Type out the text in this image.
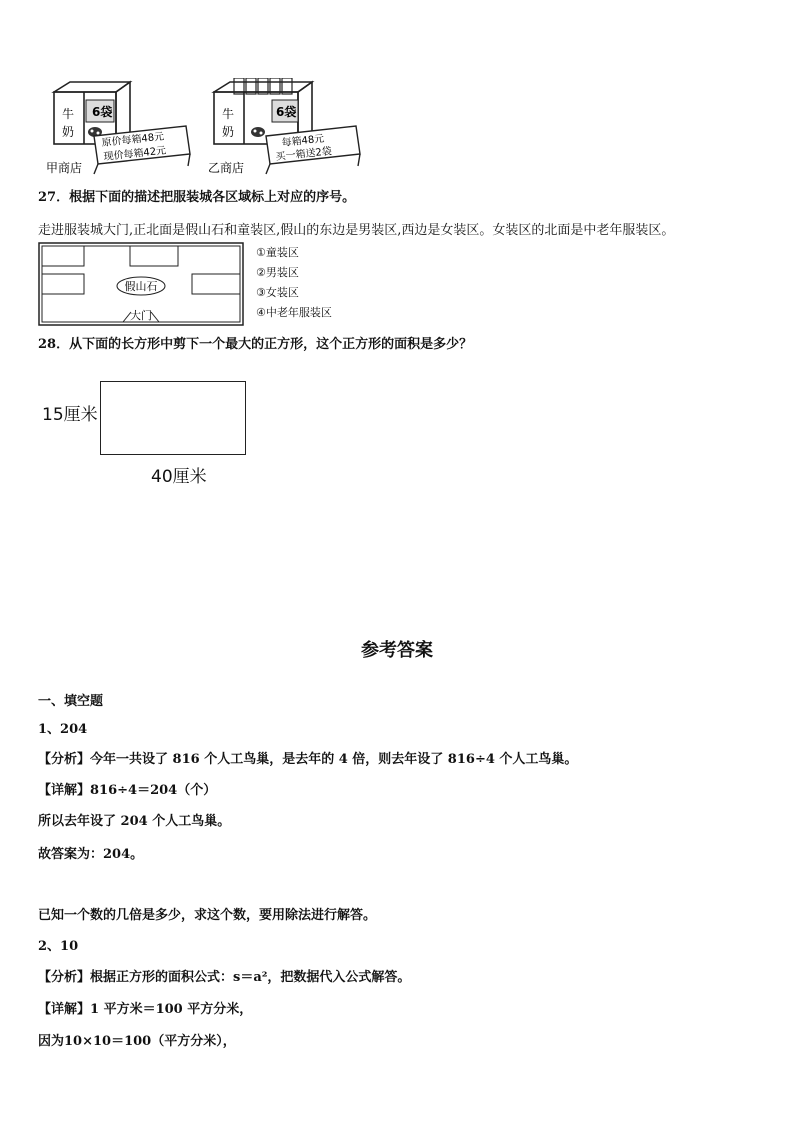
牛
奶
6袋
原价每箱48元
现价每箱42元
甲商店
牛
奶
6袋
每箱48元
买一箱送2袋
乙商店
27．根据下面的描述把服装城各区域标上对应的序号。
走进服装城大门,正北面是假山石和童装区,假山的东边是男装区,西边是女装区。女装区的北面是中老年服装区。
假山石
大门
①童装区
②男装区
③女装区
④中老年服装区
28．从下面的长方形中剪下一个最大的正方形，这个正方形的面积是多少？
15厘米
40厘米
参考答案
一、填空题
1、204
【分析】今年一共设了 816 个人工鸟巢，是去年的 4 倍，则去年设了 816÷4 个人工鸟巢。
【详解】816÷4＝204（个）
所以去年设了 204 个人工鸟巢。
故答案为：204。
已知一个数的几倍是多少，求这个数，要用除法进行解答。
2、10
【分析】根据正方形的面积公式：s＝a²，把数据代入公式解答。
【详解】1 平方米＝100 平方分米，
因为10×10＝100（平方分米），
